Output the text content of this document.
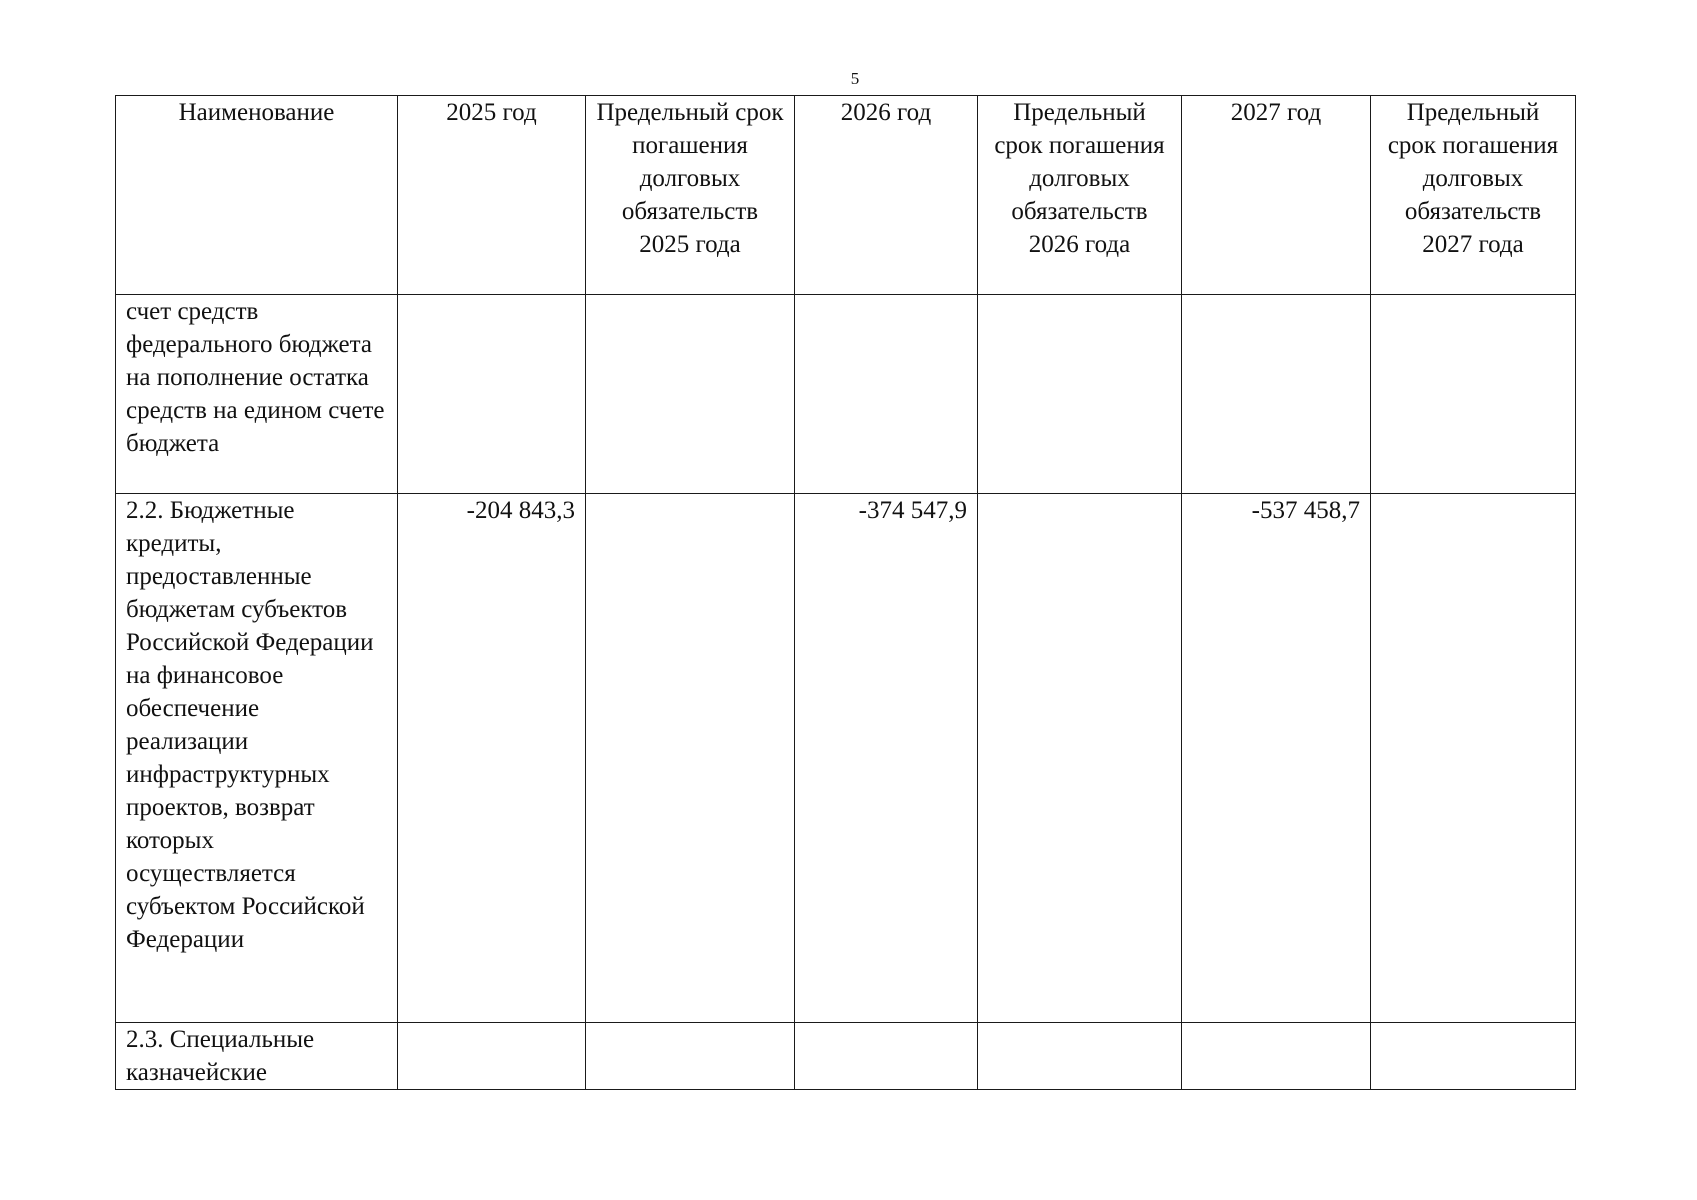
5
Наименование	2025 год	Предельный срок погашения долговых обязательств 2025 года	2026 год	Предельный срок погашения долговых обязательств 2026 года	2027 год	Предельный срок погашения долговых обязательств 2027 года
счет средств федерального бюджета на пополнение остатка средств на едином счете бюджета						
2.2. Бюджетные кредиты, предоставленные бюджетам субъектов Российской Федерации на финансовое обеспечение реализации инфраструктурных проектов, возврат которых осуществляется субъектом Российской Федерации	-204 843,3		-374 547,9		-537 458,7	
2.3. Специальные казначейские						
